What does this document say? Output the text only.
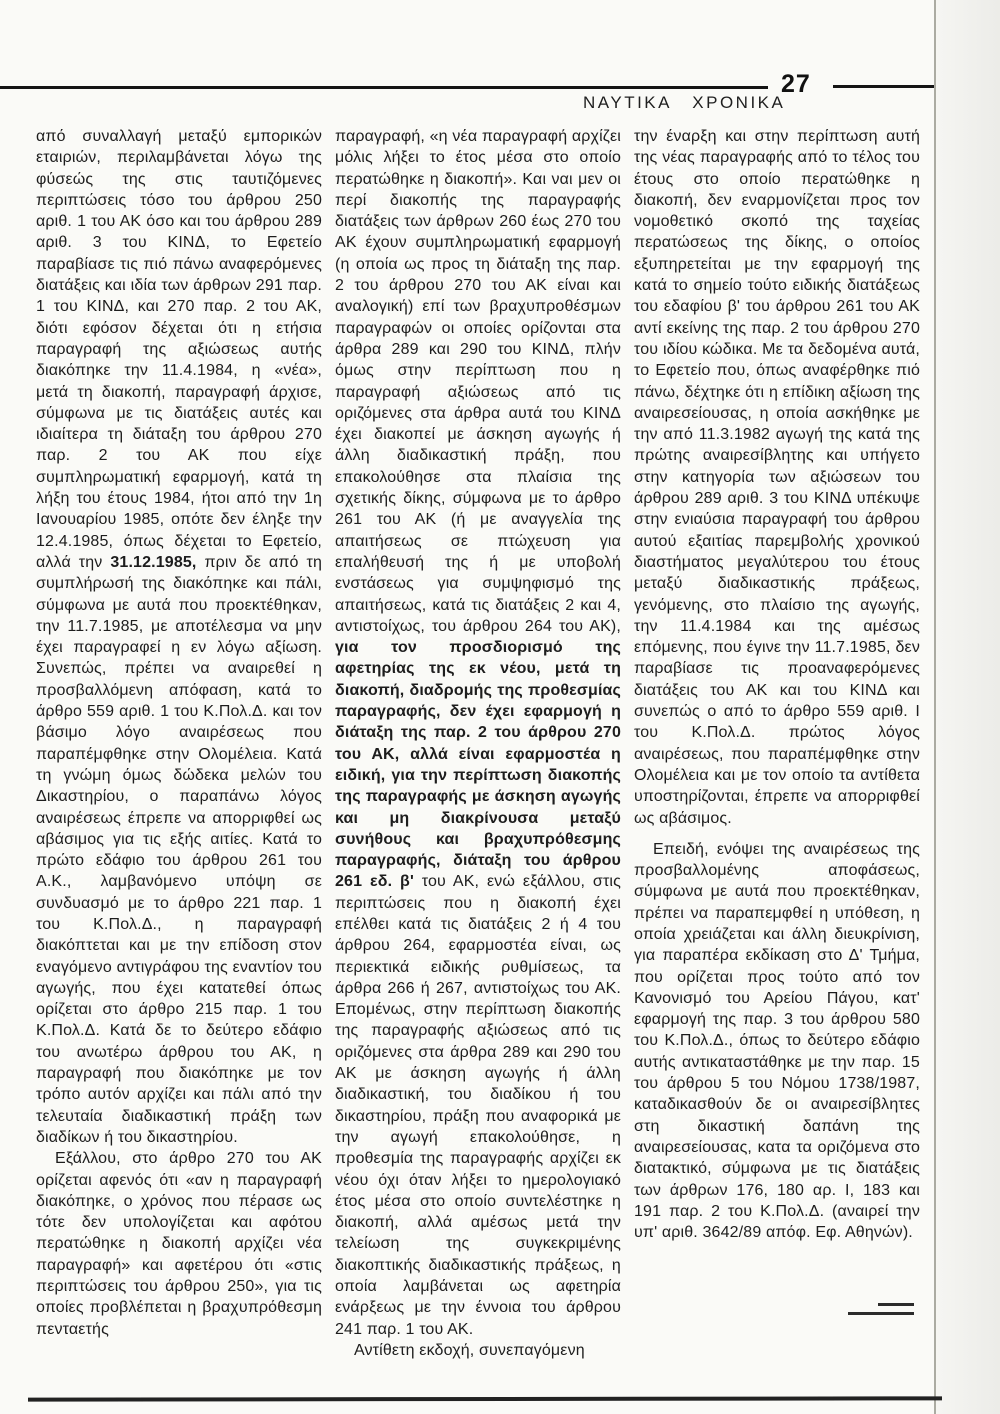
ΝΑΥΤΙΚΑ ΧΡΟΝΙΚΑ
27

από συναλλαγή μεταξύ εμπορικών εταιριών, περιλαμβάνεται λόγω της φύσεώς της στις ταυτιζόμενες περιπτώσεις τόσο του άρθρου 250 αριθ. 1 του ΑΚ όσο και του άρθρου 289 αριθ. 3 του ΚΙΝΔ, το Εφετείο παραβίασε τις πιό πάνω αναφερόμενες διατάξεις και ιδία των άρθρων 291 παρ. 1 του ΚΙΝΔ, και 270 παρ. 2 του ΑΚ, διότι εφόσον δέχεται ότι η ετήσια παραγραφή της αξιώσεως αυτής διακόπηκε την 11.4.1984, η «νέα», μετά τη διακοπή, παραγραφή άρχισε, σύμφωνα με τις διατάξεις αυτές και ιδιαίτερα τη διάταξη του άρθρου 270 παρ. 2 του ΑΚ που είχε συμπληρωματική εφαρμογή, κατά τη λήξη του έτους 1984, ήτοι από την 1η Ιανουαρίου 1985, οπότε δεν έληξε την 12.4.1985, όπως δέχεται το Εφετείο, αλλά την 31.12.1985, πριν δε από τη συμπλήρωσή της διακόπηκε και πάλι, σύμφωνα με αυτά που προεκτέθηκαν, την 11.7.1985, με αποτέλεσμα να μην έχει παραγραφεί η εν λόγω αξίωση. Συνεπώς, πρέπει να αναιρεθεί η προσβαλλόμενη απόφαση, κατά το άρθρο 559 αριθ. 1 του Κ.Πολ.Δ. και τον βάσιμο λόγο αναιρέσεως που παραπέμφθηκε στην Ολομέλεια. Κατά τη γνώμη όμως δώδεκα μελών του Δικαστηρίου, ο παραπάνω λόγος αναιρέσεως έπρεπε να απορριφθεί ως αβάσιμος για τις εξής αιτίες. Κατά το πρώτο εδάφιο του άρθρου 261 του Α.Κ., λαμβανόμενο υπόψη σε συνδυασμό με το άρθρο 221 παρ. 1 του Κ.Πολ.Δ., η παραγραφή διακόπτεται και με την επίδοση στον εναγόμενο αντιγράφου της εναντίον του αγωγής, που έχει κατατεθεί όπως ορίζεται στο άρθρο 215 παρ. 1 του Κ.Πολ.Δ. Κατά δε το δεύτερο εδάφιο του ανωτέρω άρθρου του ΑΚ, η παραγραφή που διακόπηκε με τον τρόπο αυτόν αρχίζει και πάλι από την τελευταία διαδικαστική πράξη των διαδίκων ή του δικαστηρίου.

Εξάλλου, στο άρθρο 270 του ΑΚ ορίζεται αφενός ότι «αν η παραγραφή διακόπηκε, ο χρόνος που πέρασε ως τότε δεν υπολογίζεται και αφότου περατώθηκε η διακοπή αρχίζει νέα παραγραφή» και αφετέρου ότι «στις περιπτώσεις του άρθρου 250», για τις οποίες προβλέπεται η βραχυπρόθεσμη πενταετής

παραγραφή, «η νέα παραγραφή αρχίζει μόλις λήξει το έτος μέσα στο οποίο περατώθηκε η διακοπή». Και ναι μεν οι περί διακοπής της παραγραφής διατάξεις των άρθρων 260 έως 270 του ΑΚ έχουν συμπληρωματική εφαρμογή (η οποία ως προς τη διάταξη της παρ. 2 του άρθρου 270 του ΑΚ είναι και αναλογική) επί των βραχυπροθέσμων παραγραφών οι οποίες ορίζονται στα άρθρα 289 και 290 του ΚΙΝΔ, πλήν όμως στην περίπτωση που η παραγραφή αξιώσεως από τις οριζόμενες στα άρθρα αυτά του ΚΙΝΔ έχει διακοπεί με άσκηση αγωγής ή άλλη διαδικαστική πράξη, που επακολούθησε στα πλαίσια της σχετικής δίκης, σύμφωνα με το άρθρο 261 του ΑΚ (ή με αναγγελία της απαιτήσεως σε πτώχευση για επαλήθευσή της ή με υποβολή ενστάσεως για συμψηφισμό της απαιτήσεως, κατά τις διατάξεις 2 και 4, αντιστοίχως, του άρθρου 264 του ΑΚ), για τον προσδιορισμό της αφετηρίας της εκ νέου, μετά τη διακοπή, διαδρομής της προθεσμίας παραγραφής, δεν έχει εφαρμογή η διάταξη της παρ. 2 του άρθρου 270 του ΑΚ, αλλά είναι εφαρμοστέα η ειδική, για την περίπτωση διακοπής της παραγραφής με άσκηση αγωγής και μη διακρίνουσα μεταξύ συνήθους και βραχυπρόθεσμης παραγραφής, διάταξη του άρθρου 261 εδ. β' του ΑΚ, ενώ εξάλλου, στις περιπτώσεις που η διακοπή έχει επέλθει κατά τις διατάξεις 2 ή 4 του άρθρου 264, εφαρμοστέα είναι, ως περιεκτικά ειδικής ρυθμίσεως, τα άρθρα 266 ή 267, αντιστοίχως του ΑΚ. Επομένως, στην περίπτωση διακοπής της παραγραφής αξιώσεως από τις οριζόμενες στα άρθρα 289 και 290 του ΑΚ με άσκηση αγωγής ή άλλη διαδικαστική, του διαδίκου ή του δικαστηρίου, πράξη που αναφορικά με την αγωγή επακολούθησε, η προθεσμία της παραγραφής αρχίζει εκ νέου όχι όταν λήξει το ημερολογιακό έτος μέσα στο οποίο συντελέστηκε η διακοπή, αλλά αμέσως μετά την τελείωση της συγκεκριμένης διακοπτικής διαδικαστικής πράξεως, η οποία λαμβάνεται ως αφετηρία ενάρξεως με την έννοια του άρθρου 241 παρ. 1 του ΑΚ.

Αντίθετη εκδοχή, συνεπαγόμενη

την έναρξη και στην περίπτωση αυτή της νέας παραγραφής από το τέλος του έτους στο οποίο περατώθηκε η διακοπή, δεν εναρμονίζεται προς τον νομοθετικό σκοπό της ταχείας περατώσεως της δίκης, ο οποίος εξυπηρετείται με την εφαρμογή της κατά το σημείο τούτο ειδικής διατάξεως του εδαφίου β' του άρθρου 261 του ΑΚ αντί εκείνης της παρ. 2 του άρθρου 270 του ιδίου κώδικα. Με τα δεδομένα αυτά, το Εφετείο που, όπως αναφέρθηκε πιό πάνω, δέχτηκε ότι η επίδικη αξίωση της αναιρεσείουσας, η οποία ασκήθηκε με την από 11.3.1982 αγωγή της κατά της πρώτης αναιρεσίβλητης και υπήγετο στην κατηγορία των αξιώσεων του άρθρου 289 αριθ. 3 του ΚΙΝΔ υπέκυψε στην ενιαύσια παραγραφή του άρθρου αυτού εξαιτίας παρεμβολής χρονικού διαστήματος μεγαλύτερου του έτους μεταξύ διαδικαστικής πράξεως, γενόμενης, στο πλαίσιο της αγωγής, την 11.4.1984 και της αμέσως επόμενης, που έγινε την 11.7.1985, δεν παραβίασε τις προαναφερόμενες διατάξεις του ΑΚ και του ΚΙΝΔ και συνεπώς ο από το άρθρο 559 αριθ. Ι του Κ.Πολ.Δ. πρώτος λόγος αναιρέσεως, που παραπέμφθηκε στην Ολομέλεια και με τον οποίο τα αντίθετα υποστηρίζονται, έπρεπε να απορριφθεί ως αβάσιμος.

Επειδή, ενόψει της αναιρέσεως της προσβαλλομένης αποφάσεως, σύμφωνα με αυτά που προεκτέθηκαν, πρέπει να παραπεμφθεί η υπόθεση, η οποία χρειάζεται και άλλη διευκρίνιση, για παραπέρα εκδίκαση στο Δ' Τμήμα, που ορίζεται προς τούτο από τον Κανονισμό του Αρείου Πάγου, κατ' εφαρμογή της παρ. 3 του άρθρου 580 του Κ.Πολ.Δ., όπως το δεύτερο εδάφιο αυτής αντικαταστάθηκε με την παρ. 15 του άρθρου 5 του Νόμου 1738/1987, καταδικασθούν δε οι αναιρεσίβλητες στη δικαστική δαπάνη της αναιρεσείουσας, κατα τα οριζόμενα στο διατακτικό, σύμφωνα με τις διατάξεις των άρθρων 176, 180 αρ. Ι, 183 και 191 παρ. 2 του Κ.Πολ.Δ. (αναιρεί την υπ' αριθ. 3642/89 απόφ. Εφ. Αθηνών).
